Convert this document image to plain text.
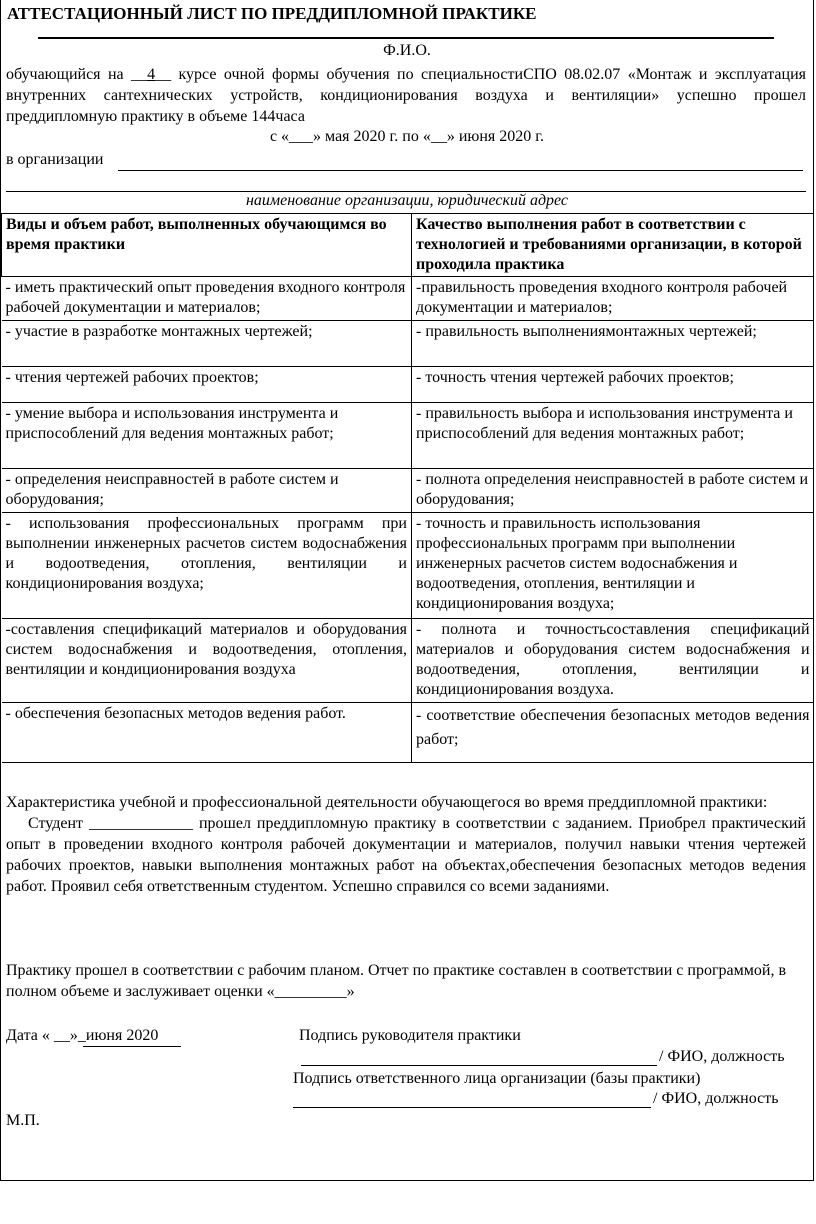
АТТЕСТАЦИОННЫЙ ЛИСТ ПО ПРЕДДИПЛОМНОЙ ПРАКТИКЕ
Ф.И.О.

обучающийся на __4__ курсе очной формы обучения по специальностиСПО 08.02.07 «Монтаж и эксплуатация внутренних сантехнических устройств, кондиционирования воздуха и вентиляции» успешно прошел преддипломную практику в объеме 144часа

с «___» мая 2020 г. по «__» июня 2020 г.
в организации
наименование организации, юридический адрес
Виды и объем работ, выполненных обучающимся во время практики	Качество выполнения работ в соответствии с технологией и требованиями организации, в которой проходила практика
- иметь практический опыт проведения входного контроля рабочей документации и материалов;	-правильность проведения входного контроля рабочей документации и материалов;
- участие в разработке монтажных чертежей;	- правильность выполнениямонтажных чертежей;
- чтения чертежей рабочих проектов;	- точность чтения чертежей рабочих проектов;
- умение выбора и использования инструмента и приспособлений для ведения монтажных работ;	- правильность выбора и использования инструмента и приспособлений для ведения монтажных работ;
- определения неисправностей в работе систем и оборудования;	- полнота определения неисправностей в работе систем и оборудования;
- использования профессиональных программ при выполнении инженерных расчетов систем водоснабжения и водоотведения, отопления, вентиляции и кондиционирования воздуха;	- точность и правильность использования профессиональных программ при выполнении инженерных расчетов систем водоснабжения и водоотведения, отопления, вентиляции и кондиционирования воздуха;
-составления спецификаций материалов и оборудования систем водоснабжения и водоотведения, отопления, вентиляции и кондиционирования воздуха	- полнота и точностьсоставления спецификаций материалов и оборудования систем водоснабжения и водоотведения, отопления, вентиляции и кондиционирования воздуха.
- обеспечения безопасных методов ведения работ.	- соответствие обеспечения безопасных методов ведения работ;

Характеристика учебной и профессиональной деятельности обучающегося во время преддипломной практики:

Студент _____________ прошел преддипломную практику в соответствии с заданием. Приобрел практический опыт в проведении входного контроля рабочей документации и материалов, получил навыки чтения чертежей рабочих проектов, навыки выполнения монтажных работ на объектах,обеспечения безопасных методов ведения работ. Проявил себя ответственным студентом. Успешно справился со всеми заданиями.

Практику прошел в соответствии с рабочим планом. Отчет по практике составлен в соответствии с программой, в полном объеме и заслуживает оценки «_________»

Дата « __»_июня 2020	Подпись руководителя практики
/ ФИО, должность
Подпись ответственного лица организации (базы практики)
/ ФИО, должность
М.П.
